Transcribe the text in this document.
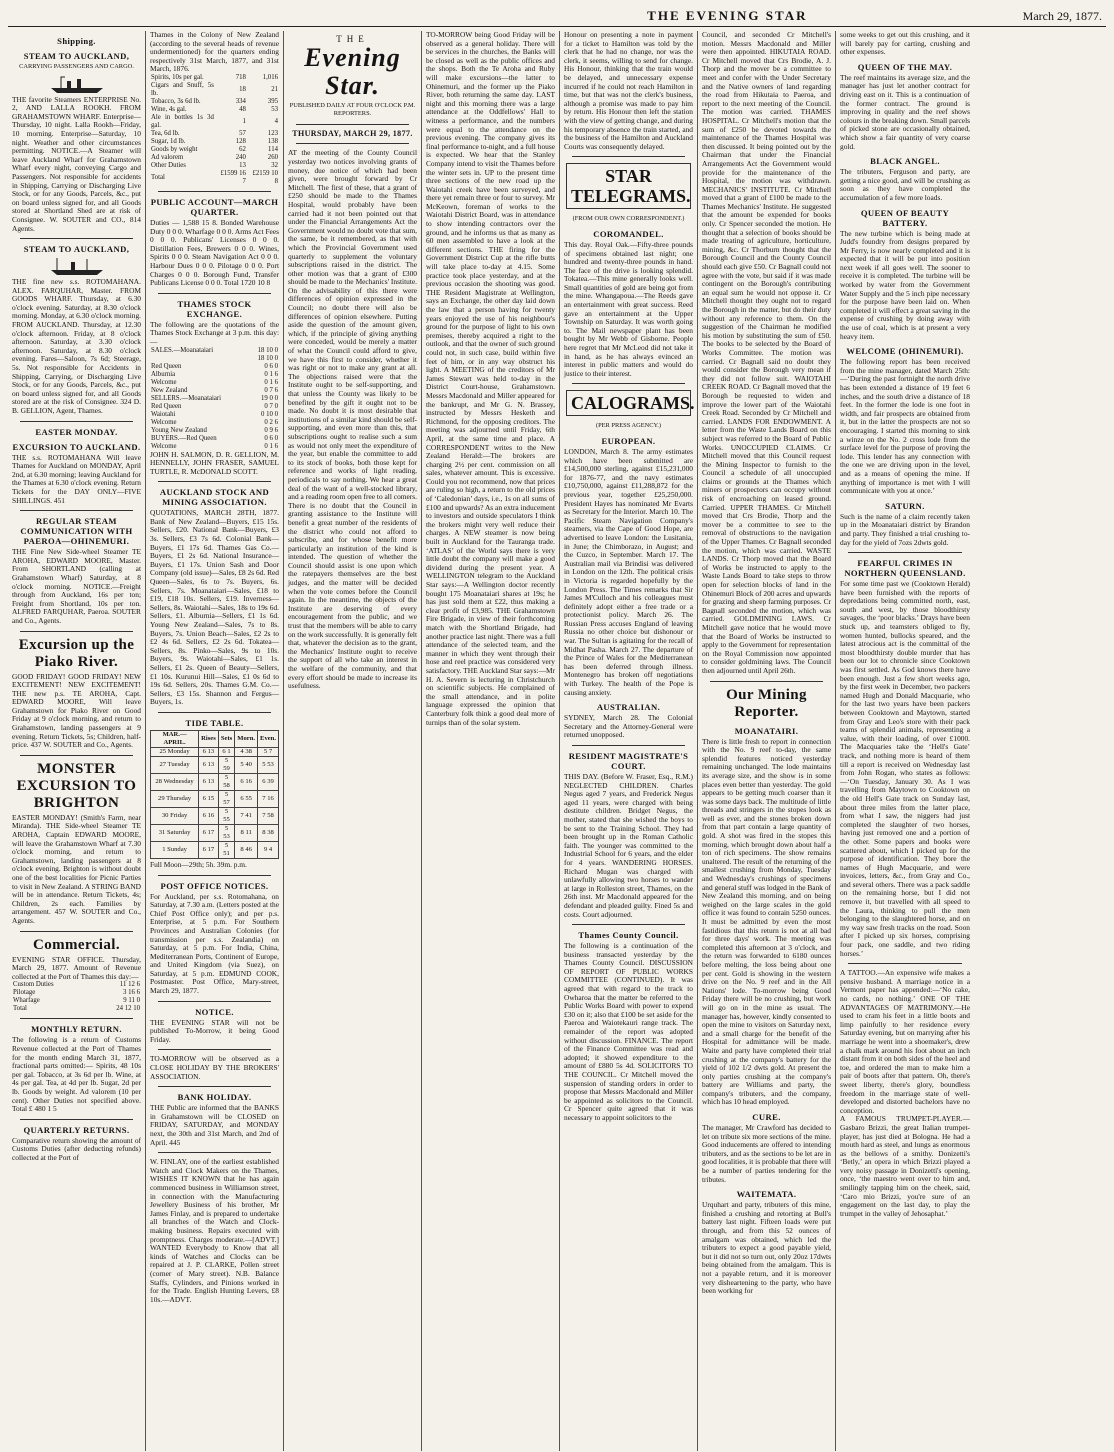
THE EVENING STAR	March 29, 1877.
Shipping.
STEAM TO AUCKLAND,
CARRYING PASSENGERS AND CARGO.
THE favorite Steamers ENTERPRISE No. 2, AND LALLA ROOKH. FROM GRAHAMSTOWN WHARF. Enterprise—Thursday, 10 night. Lalla Rookh—Friday, 10 morning. Enterprise—Saturday, 10 night. Weather and other circumstances permitting. NOTICE.—A Steamer will leave Auckland Wharf for Grahamstown Wharf every night, conveying Cargo and Passengers. Not responsible for accidents in Shipping, Carrying or Discharging Live Stock, or for any Goods, Parcels, &c., put on board unless signed for, and all Goods stored at Shortland Shed are at risk of Consignee. W. SOUTER and CO., 814 Agents.
STEAM TO AUCKLAND,
THE fine new s.s. ROTOMAHANA. ALEX. FARQUHAR, Master. FROM GOODS WHARF. Thursday, at 6.30 o'clock evening. Saturday, at 8.30 o'clock morning. Monday, at 6.30 o'clock morning. FROM AUCKLAND. Thursday, at 12.30 o'clock afternoon. Friday, at 8 o'clock afternoon. Saturday, at 3.30 o'clock afternoon. Saturday, at 8.30 o'clock evening. Fares—Saloon, 7s 6d; Steerage, 5s. Not responsible for Accidents in Shipping, Carrying, or Discharging Live Stock, or for any Goods, Parcels, &c., put on board unless signed for, and all Goods stored are at the risk of Consignee. 324 D. B. GELLION, Agent, Thames.
EASTER MONDAY.
EXCURSION TO AUCKLAND.
THE s.s. ROTOMAHANA Will leave Thames for Auckland on MONDAY, April 2nd, at 6.30 morning; leaving Auckland for the Thames at 6.30 o'clock evening. Return Tickets for the DAY ONLY—FIVE SHILLINGS. 451
REGULAR STEAM COMMUNICATION WITH PAEROA—OHINEMURI.
THE Fine New Side-wheel Steamer TE AROHA, EDWARD MOORE, Master. From SHORTLAND (calling at Grahamstown Wharf) Saturday, at 8 o'clock morning. NOTICE.—Freight through from Auckland, 16s per ton; Freight from Shortland, 10s per ton. ALFRED FARQUHAR, Paeroa. SOUTER and Co., Agents.
Excursion up the Piako River.
GOOD FRIDAY! GOOD FRIDAY! NEW EXCITEMENT! NEW EXCITEMENT! THE new p.s. TE AROHA, Capt. EDWARD MOORE, Will leave Grahamstown for Piako River on Good Friday at 9 o'clock morning, and return to Grahamstown, landing passengers at 9 evening. Return Tickets, 5s; Children, half-price. 437 W. SOUTER and Co., Agents.
MONSTER EXCURSION TO BRIGHTON
EASTER MONDAY! (Smith's Farm, near Miranda). THE Side-wheel Steamer TE AROHA, Captain EDWARD MOORE, will leave the Grahamstown Wharf at 7.30 o'clock morning, and return to Grahamstown, landing passengers at 8 o'clock evening. Brighton is without doubt one of the best localities for Picnic Parties to visit in New Zealand. A STRING BAND will be in attendance. Return Tickets, 4s; Children, 2s each. Families by arrangement. 457 W. SOUTER and Co., Agents.
Commercial.
EVENING STAR OFFICE. Thursday, March 29, 1877. Amount of Revenue collected at the Port of Thames this day:—
Custom Duties	11 12 6
Pilotage	3 16 6
Wharfage	9 11 0
Total	24 12 10
MONTHLY RETURN.
The following is a return of Customs Revenue collected at the Port of Thames for the month ending March 31, 1877, fractional parts omitted:— Spirits, 48 10s per gal. Tobacco, at 3s 6d per lb. Wine, at 4s per gal. Tea, at 4d per lb. Sugar, 2d per lb. Goods by weight. Ad valorem (10 per cent). Other Duties not specified above. Total £ 480 1 5
QUARTERLY RETURNS.
Comparative return showing the amount of Customs Duties (after deducting refunds) collected at the Port of
Thames in the Colony of New Zealand (according to the several heads of revenue undermentioned) for the quarters ending respectively 31st March, 1877, and 31st March, 1876.
Spirits, 10s per gal.	718	1,016
Cigars and Snuff, 5s lb.	18	21
Tobacco, 3s 6d lb.	334	395
Wine, 4s gal.	48	53
Ale in bottles 1s 3d gal.	1	4
Tea, 6d lb.	57	123
Sugar, 1d lb.	128	138
Goods by weight	62	114
Ad valorem	240	260
Other Duties	13	32
Total	£1599 16 7	£2159 10 8
PUBLIC ACCOUNT—MARCH QUARTER.
Duties — 1,588 15 8. Bonded Warehouse Duty 0 0 0. Wharfage 0 0 0. Arms Act Fees 0 0 0. Publicans' Licenses 0 0 0. Distillation Fees, Brewers 0 0 0. Wines, Spirits 0 0 0. Steam Navigation Act 0 0 0. Harbour Dues 0 0 0. Pilotage 0 0 0. Port Charges 0 0 0. Borough Fund, Transfer Publicans License 0 0 0. Total 1720 10 8
THAMES STOCK EXCHANGE.
The following are the quotations of the Thames Stock Exchange at 3 p.m. this day:—
SALES.—Moanataiari	18 10 0
	18 10 0
Red Queen	0 6 0
Alburnia	0 1 6
Welcome	0 1 6
New Zealand	0 7 6
SELLERS.—Moanataiari	19 0 0
Red Queen	0 7 0
Waiotahi	0 10 0
Welcome	0 2 6
Young New Zealand	0 9 6
BUYERS.—Red Queen	0 6 0
Welcome	0 1 6
JOHN H. SALMON, D. R. GELLION, M. HENNELLY, JOHN FRASER, SAMUEL TURTLE, R. McDONALD SCOTT.
AUCKLAND STOCK AND MINING ASSOCIATION.
QUOTATIONS, MARCH 28TH, 1877. Bank of New Zealand—Buyers, £15 15s. Sellers, £20. National Bank—Buyers, £3 3s. Sellers, £3 7s 6d. Colonial Bank—Buyers, £1 17s 6d. Thames Gas Co.—Buyers, £1 2s 6d. National Insurance—Buyers, £1 17s. Union Sash and Door Company (old issue)—Sales, £8 2s 6d. Red Queen—Sales, 6s to 7s. Buyers, 6s. Sellers, 7s. Moanataiari—Sales, £18 to £19, £18 10s. Sellers, £19. Inverness—Sellers, 8s. Waiotahi—Sales, 18s to 19s 6d. Sellers, £1. Alburnia—Sellers, £1 1s 6d. Young New Zealand—Sales, 7s to 8s. Buyers, 7s. Union Beach—Sales, £2 2s to £2 4s 6d. Sellers, £2 2s 6d. Tokatea—Sellers, 8s. Pinko—Sales, 9s to 10s. Buyers, 9s. Waiotahi—Sales, £1 1s. Sellers, £1 2s. Queen of Beauty—Sellers, £1 10s. Kurunui Hill—Sales, £1 0s 6d to 19s 6d. Sellers, 20s. Thames G.M. Co.—Sellers, £3 15s. Shannon and Fergus—Buyers, 1s.
TIDE TABLE.
MAR.—APRIL.	Rises	Sets	Morn.	Even.
25 Monday	6 13	6 1	4 38	5 7
27 Tuesday	6 13	5 59	5 40	5 53
28 Wednesday	6 13	5 58	6 16	6 39
29 Thursday	6 15	5 57	6 55	7 16
30 Friday	6 16	5 55	7 41	7 58
31 Saturday	6 17	5 53	8 11	8 38
1 Sunday	6 17	5 51	8 46	9 4
Full Moon—29th; 5h. 39m. p.m.
POST OFFICE NOTICES.
For Auckland, per s.s. Rotomahana, on Saturday, at 7.30 a.m. (Letters posted at the Chief Post Office only); and per p.s. Enterprise, at 5 p.m. For Southern Provinces and Australian Colonies (for transmission per s.s. Zealandia) on Saturday, at 5 p.m. For India, China, Mediterranean Ports, Continent of Europe, and United Kingdom (via Suez), on Saturday, at 5 p.m. EDMUND COOK, Postmaster. Post Office, Mary-street, March 29, 1877.
NOTICE.
THE EVENING STAR will not be published To-Morrow, it being Good Friday.
TO-MORROW will be observed as a CLOSE HOLIDAY BY THE BROKERS' ASSOCIATION.
BANK HOLIDAY.
THE Public are informed that the BANKS in Grahamstown will be CLOSED on FRIDAY, SATURDAY, and MONDAY next, the 30th and 31st March, and 2nd of April. 445
W. FINLAY, one of the earliest established Watch and Clock Makers on the Thames, WISHES IT KNOWN that he has again commenced business in Williamson street, in connection with the Manufacturing Jewellery Business of his brother, Mr James Finlay, and is prepared to undertake all branches of the Watch and Clock-making business. Repairs executed with promptness. Charges moderate.—[ADVT.] WANTED Everybody to Know that all kinds of Watches and Clocks can be repaired at J. P. CLARKE, Pollen street (corner of Mary street). N.B. Balance Staffs, Cylinders, and Pinions worked in for the Trade. English Hunting Levers, £8 10s.—ADVT.
THE
Evening Star.
PUBLISHED DAILY AT FOUR O'CLOCK P.M.
REPORTERS.
THURSDAY, MARCH 29, 1877.
AT the meeting of the County Council yesterday two notices involving grants of money, due notice of which had been given, were brought forward by Cr Mitchell. The first of these, that a grant of £250 should be made to the Thames Hospital, would probably have been carried had it not been pointed out that under the Financial Arrangements Act the Government would no doubt vote that sum, the same, be it remembered, as that with which the Provincial Government used quarterly to supplement the voluntary subscriptions raised in the district. The other motion was that a grant of £300 should be made to the Mechanics' Institute. On the advisability of this there were differences of opinion expressed in the Council; no doubt there will also be differences of opinion elsewhere. Putting aside the question of the amount given, which, if the principle of giving anything were conceded, would be merely a matter of what the Council could afford to give, we have this first to consider, whether it was right or not to make any grant at all. The objections raised were that the Institute ought to be self-supporting, and that unless the County was likely to be benefited by the gift it ought not to be made. No doubt it is most desirable that institutions of a similar kind should be self-supporting, and even more than this, that subscriptions ought to realise such a sum as would not only meet the expenditure of the year, but enable the committee to add to its stock of books, both those kept for reference and works of light reading, periodicals to say nothing. We hear a great deal of the want of a well-stocked library, and a reading room open free to all comers. There is no doubt that the Council in granting assistance to the Institute will benefit a great number of the residents of the district who could not afford to subscribe, and for whose benefit more particularly an institution of the kind is intended. The question of whether the Council should assist is one upon which the ratepayers themselves are the best judges, and the matter will be decided when the vote comes before the Council again. In the meantime, the objects of the Institute are deserving of every encouragement from the public, and we trust that the members will be able to carry on the work successfully. It is generally felt that, whatever the decision as to the grant, the Mechanics' Institute ought to receive the support of all who take an interest in the welfare of the community, and that every effort should be made to increase its usefulness.
TO-MORROW being Good Friday will be observed as a general holiday. There will be services in the churches, the Banks will be closed as well as the public offices and the shops. Both the Te Aroha and Ruby will make excursions—the latter to Ohinemuri, and the former up the Piako River, both returning the same day. LAST night and this morning there was a large attendance at the Oddfellows' Hall to witness a performance, and the numbers were equal to the attendance on the previous evening. The company gives its final performance to-night, and a full house is expected. We hear that the Stanley Company intend to visit the Thames before the winter sets in. UP to the present time three sections of the new road up the Waiotahi creek have been surveyed, and there yet remain three or four to survey. Mr McKeown, foreman of works to the Waiotahi District Board, was in attendance to show intending contractors over the ground, and he informs us that as many as 60 men assembled to have a look at the different sections. THE firing for the Government District Cup at the rifle butts will take place to-day at 4.15. Some practice took place yesterday, and at the previous occasion the shooting was good. THE Resident Magistrate at Wellington, says an Exchange, the other day laid down the law that a person having for twenty years enjoyed the use of his neighbour's ground for the purpose of light to his own premises, thereby acquired a right to the outlook, and that the owner of such ground could not, in such case, build within five feet of him, or in any way obstruct his light. A MEETING of the creditors of Mr James Stewart was held to-day in the District Court-house, Grahamstown. Messrs Macdonald and Miller appeared for the bankrupt, and Mr G. N. Brassey, instructed by Messrs Hesketh and Richmond, for the opposing creditors. The meeting was adjourned until Friday, 6th April, at the same time and place. A CORRESPONDENT writes to the New Zealand Herald:—The brokers are charging 2½ per cent. commission on all sales, whatever amount. This is excessive. Could you not recommend, now that prices are ruling so high, a return to the old prices of ‘Caledonian’ days, i.e., 1s on all sums of £100 and upwards? As an extra inducement to investors and outside speculators I think the brokers might very well reduce their charges. A NEW steamer is now being built in Auckland for the Tauranga trade. ‘ATLAS’ of the World says there is very little doubt the company will make a good dividend during the present year. A WELLINGTON telegram to the Auckland Star says:—A Wellington doctor recently bought 175 Moanataiari shares at 19s; he has just sold them at £22, thus making a clear profit of £3,985. THE Grahamstown Fire Brigade, in view of their forthcoming match with the Shortland Brigade, had another practice last night. There was a full attendance of the selected team, and the manner in which they went through their hose and reel practice was considered very satisfactory. THE Auckland Star says:—Mr H. A. Severn is lecturing in Christchurch on scientific subjects. He complained of the small attendance, and in polite language expressed the opinion that Canterbury folk think a good deal more of turnips than of the solar system.
Honour on presenting a note in payment for a ticket to Hamilton was told by the clerk that he had no change, nor was the clerk, it seems, willing to send for change. His Honour, thinking that the train would be delayed, and unnecessary expense incurred if he could not reach Hamilton in time, but that was not the clerk's business, although a promise was made to pay him by return. His Honour then left the station with the view of getting change, and during his temporary absence the train started, and the business of the Hamilton and Auckland Courts was consequently delayed.
STAR TELEGRAMS.
(FROM OUR OWN CORRESPONDENT.)
COROMANDEL.
This day. Royal Oak.—Fifty-three pounds of specimens obtained last night; one hundred and twenty-three pounds in hand. The face of the drive is looking splendid. Tokatea.—This mine generally looks well. Small quantities of gold are being got from the mine. Whangapoua.—The Reeds gave an entertainment with great success. Reed gave an entertainment at the Upper Township on Saturday. It was worth going to. The Mail newspaper plant has been bought by Mr Webb of Gisborne. People here regret that Mr McLeod did not take it in hand, as he has always evinced an interest in public matters and would do justice to their interest.
CALOGRAMS.
(PER PRESS AGENCY.)
EUROPEAN.
LONDON, March 8. The army estimates which have been submitted are £14,500,000 sterling, against £15,231,000 for 1876-77, and the navy estimates £10,750,000, against £11,288,872 for the previous year, together £25,250,000. President Hayes has nominated Mr Evarts as Secretary for the Interior. March 10. The Pacific Steam Navigation Company's steamers, via the Cape of Good Hope, are advertised to leave London: the Lusitania, in June; the Chimborazo, in August; and the Cuzco, in September. March 17. The Australian mail via Brindisi was delivered in London on the 12th. The political crisis in Victoria is regarded hopefully by the London Press. The Times remarks that Sir James M'Culloch and his colleagues must definitely adopt either a free trade or a protectionist policy. March 26. The Russian Press accuses England of leaving Russia no other choice but dishonour or war. The Sultan is agitating for the recall of Midhat Pasha. March 27. The departure of the Prince of Wales for the Mediterranean has been deferred through illness. Montenegro has broken off negotiations with Turkey. The health of the Pope is causing anxiety.
AUSTRALIAN.
SYDNEY, March 28. The Colonial Secretary and the Attorney-General were returned unopposed.
RESIDENT MAGISTRATE'S COURT.
THIS DAY. (Before W. Fraser, Esq., R.M.) NEGLECTED CHILDREN. Charles Negus aged 7 years, and Frederick Negus aged 11 years, were charged with being destitute children. Bridget Negus, the mother, stated that she wished the boys to be sent to the Training School. They had been brought up in the Roman Catholic faith. The younger was committed to the Industrial School for 6 years, and the elder for 4 years. WANDERING HORSES. Richard Mugan was charged with unlawfully allowing two horses to wander at large in Rolleston street, Thames, on the 26th inst. Mr Macdonald appeared for the defendant and pleaded guilty. Fined 5s and costs. Court adjourned.
Thames County Council.
The following is a continuation of the business transacted yesterday by the Thames County Council. DISCUSSION OF REPORT OF PUBLIC WORKS COMMITTEE (CONTINUED). It was agreed that with regard to the track to Owharoa that the matter be referred to the Public Works Board with power to expend £30 on it; also that £100 be set aside for the Paeroa and Waiotekauri range track. The remainder of the report was adopted without discussion. FINANCE. The report of the Finance Committee was read and adopted; it showed expenditure to the amount of £880 5s 4d. SOLICITORS TO THE COUNCIL. Cr Mitchell moved the suspension of standing orders in order to propose that Messrs Macdonald and Miller be appointed as solicitors to the Council. Cr Spencer quite agreed that it was necessary to appoint solicitors to the
Council, and seconded Cr Mitchell's motion. Messrs Macdonald and Miller were then appointed. HIKUTAIA ROAD. Cr Mitchell moved that Crs Brodie, A. J. Thorp and the mover be a committee to meet and confer with the Under Secretary and the Native owners of land regarding the road from Hikutaia to Paeroa, and report to the next meeting of the Council. The motion was carried. THAMES HOSPITAL. Cr Mitchell's motion that the sum of £250 be devoted towards the maintenance of the Thames Hospital was then discussed. It being pointed out by the Chairman that under the Financial Arrangements Act the Government would provide for the maintenance of the Hospital, the motion was withdrawn. MECHANICS' INSTITUTE. Cr Mitchell moved that a grant of £100 be made to the Thames Mechanics' Institute. He suggested that the amount be expended for books only. Cr Spencer seconded the motion. He thought that a selection of books should be made treating of agriculture, horticulture, mining, &c. Cr Thorburn thought that the Borough Council and the County Council should each give £50. Cr Bagnall could not agree with the vote, but said if it was made contingent on the Borough's contributing an equal sum he would not oppose it. Cr Mitchell thought they ought not to regard the Borough in the matter, but do their duty without any reference to them. On the suggestion of the Chairman he modified his motion by substituting the sum of £50. The books to be selected by the Board of Works Committee. The motion was carried. Cr Bagnall said no doubt they would consider the Borough very mean if they did not follow suit. WAIOTAHI CREEK ROAD. Cr Bagnall moved that the Borough be requested to widen and improve the lower part of the Waiotahi Creek Road. Seconded by Cr Mitchell and carried. LANDS FOR ENDOWMENT. A letter from the Waste Lands Board on this subject was referred to the Board of Public Works. UNOCCUPIED CLAIMS. Cr Mitchell moved that this Council request the Mining Inspector to furnish to the Council a schedule of all unoccupied claims or grounds at the Thames which miners or prospectors can occupy without risk of encroaching on leased ground. Carried. UPPER THAMES. Cr Mitchell moved that Crs Brodie, Thorp and the mover be a committee to see to the removal of obstructions to the navigation of the Upper Thames. Cr Bagnall seconded the motion, which was carried. WASTE LANDS. Cr Thorp moved that the Board of Works be instructed to apply to the Waste Lands Board to take steps to throw open for selection blocks of land in the Ohinemuri Block of 200 acres and upwards for grazing and sheep farming purposes. Cr Bagnall seconded the motion, which was carried. GOLDMINING LAWS. Cr Mitchell gave notice that he would move that the Board of Works be instructed to apply to the Government for representation on the Royal Commission now appointed to consider goldmining laws. The Council then adjourned until April 26th.
Our Mining Reporter.
MOANATAIRI.
There is little fresh to report in connection with the No. 9 reef to-day, the same splendid features noticed yesterday remaining unchanged. The lode maintains its average size, and the show is in some places even better than yesterday. The gold appears to be getting much coarser than it was some days back. The multitude of little threads and stringers in the stopes look as well as ever, and the stones broken down from that part contain a large quantity of gold. A shot was fired in the stopes this morning, which brought down about half a ton of rich specimens. The show remains unaltered. The result of the returning of the smallest crushing from Monday, Tuesday and Wednesday's crushings of specimens and general stuff was lodged in the Bank of New Zealand this morning, and on being weighed on the large scales in the gold office it was found to contain 5250 ounces. It must be admitted by even the most fastidious that this return is not at all bad for three days' work. The meeting was completed this afternoon at 3 o'clock, and the return was forwarded to 6180 ounces before melting, the loss being about one per cent. Gold is showing in the western drive on the No. 9 reef and in the All Nations' lode. To-morrow being Good Friday there will be no crushing, but work will go on in the mine as usual. The manager has, however, kindly consented to open the mine to visitors on Saturday next, and a small charge for the benefit of the Hospital for admittance will be made. Waite and party have completed their trial crushing at the company's battery for the yield of 102 1/2 dwts gold. At present the only parties crushing at the company's battery are Williams and party, the company's tributers, and the company, which has 10 head employed.
CURE.
The manager, Mr Crawford has decided to let on tribute six more sections of the mine. Good inducements are offered to intending tributers, and as the sections to be let are in good localities, it is probable that there will be a number of parties tendering for the tributes.
WAITEMATA.
Urquhart and party, tributers of this mine, finished a crushing and retorting at Bull's battery last night. Fifteen loads were put through, and from this 52 ounces of amalgam was obtained, which led the tributers to expect a good payable yield, but it did not so turn out, only 20oz 17dwts being obtained from the amalgam. This is not a payable return, and it is moreover very disheartening to the party, who have been working for
some weeks to get out this crushing, and it will barely pay for carting, crushing and other expenses.
QUEEN OF THE MAY.
The reef maintains its average size, and the manager has just let another contract for driving east on it. This is a continuation of the former contract. The ground is improving in quality and the reef shows colours in the breaking down. Small parcels of picked stone are occasionally obtained, which show a fair quantity of very coarse gold.
BLACK ANGEL.
The tributers, Ferguson and party, are getting a nice good, and will be crushing as soon as they have completed the accumulation of a few more loads.
QUEEN OF BEAUTY BATTERY.
The new turbine which is being made at Judd's foundry from designs prepared by Mr Ferry, is now nearly completed and it is expected that it will be put into position next week if all goes well. The sooner to receive it is completed. The turbine will be worked by water from the Government Water Supply and the 5 inch pipe necessary for the purpose have been laid on. When completed it will effect a great saving in the expense of crushing by doing away with the use of coal, which is at present a very heavy item.
WELCOME (OHINEMURI).
The following report has been received from the mine manager, dated March 25th:—‘During the past fortnight the north drive has been extended a distance of 19 feet 6 inches, and the south drive a distance of 18 feet. In the former the lode is one foot in width, and fair prospects are obtained from it, but in the latter the prospects are not so encouraging. I started this morning to sink a winze on the No. 2 cross lode from the surface level for the purpose of proving the lode. This lender has any connection with the one we are driving upon in the level, and as a means of opening the mine. If anything of importance is met with I will communicate with you at once.’
SATURN.
Such is the name of a claim recently taken up in the Moanataiari district by Brandon and party. They finished a trial crushing to-day for the yield of 7ozs 2dwts gold.
FEARFUL CRIMES IN NORTHERN QUEENSLAND.
For some time past we (Cooktown Herald) have been furnished with the reports of depredations being committed north, east, south and west, by those bloodthirsty savages, the ‘poor blacks.’ Drays have been stuck up, and teamsters obliged to fly, women hunted, bullocks speared, and the latest atrocious act is the committal of the most bloodthirsty double murder that has been our lot to chronicle since Cooktown was first settled. As God knows there have been enough. Just a few short weeks ago, by the first week in December, two packers named Hugh and Donald Macquarie, who for the last two years have been packers between Cooktown and Maytown, started from Gray and Leo's store with their pack teams of splendid animals, representing a value, with their loading, of over £1000. The Macquaries take the ‘Hell's Gate’ track, and nothing more is heard of them till a report is received on Wednesday last from John Rogan, who states as follows:—‘On Tuesday, January 30. As I was travelling from Maytown to Cooktown on the old Hell's Gate track on Sunday last, about three miles from the latter place, from what I saw, the niggers had just completed the slaughter of two horses, having just removed one and a portion of the other. Some papers and books were scattered about, which I picked up for the purpose of identification. They bore the names of Hugh Macquarie, and were invoices, letters, &c., from Gray and Co., and several others. There was a pack saddle on the remaining horse, but I did not remove it, but travelled with all speed to the Laura, thinking to pull the men belonging to the slaughtered horse, and on my way saw fresh tracks on the road. Soon after I picked up six horses, comprising four pack, one saddle, and two riding horses.’
A TATTOO.—An expensive wife makes a pensive husband. A marriage notice in a Vermont paper has appended:—‘No cake, no cards, no nothing.’ ONE OF THE ADVANTAGES OF MATRIMONY.—He used to cram his feet in a little boots and limp painfully to her residence every Saturday evening, but on marrying after his marriage he went into a shoemaker's, drew a chalk mark around his foot about an inch distant from it on both sides of the heel and toe, and ordered the man to make him a pair of boots after that pattern. Oh, there's sweet liberty, there's glory, boundless freedom in the marriage state of well-developed and distorted bachelors have no conception.
A FAMOUS TRUMPET-PLAYER.—Gasbaro Brizzi, the great Italian trumpet-player, has just died at Bologna. He had a mouth hard as steel, and lungs as enormous as the bellows of a smithy. Donizetti's ‘Betly,’ an opera in which Brizzi played a very noisy passage in Donizetti's opening, once, ‘the maestro went over to him and, smilingly tapping him on the cheek, said, ‘Caro mio Brizzi, you're sure of an engagement on the last day, to play the trumpet in the valley of Jehosaphat.’
